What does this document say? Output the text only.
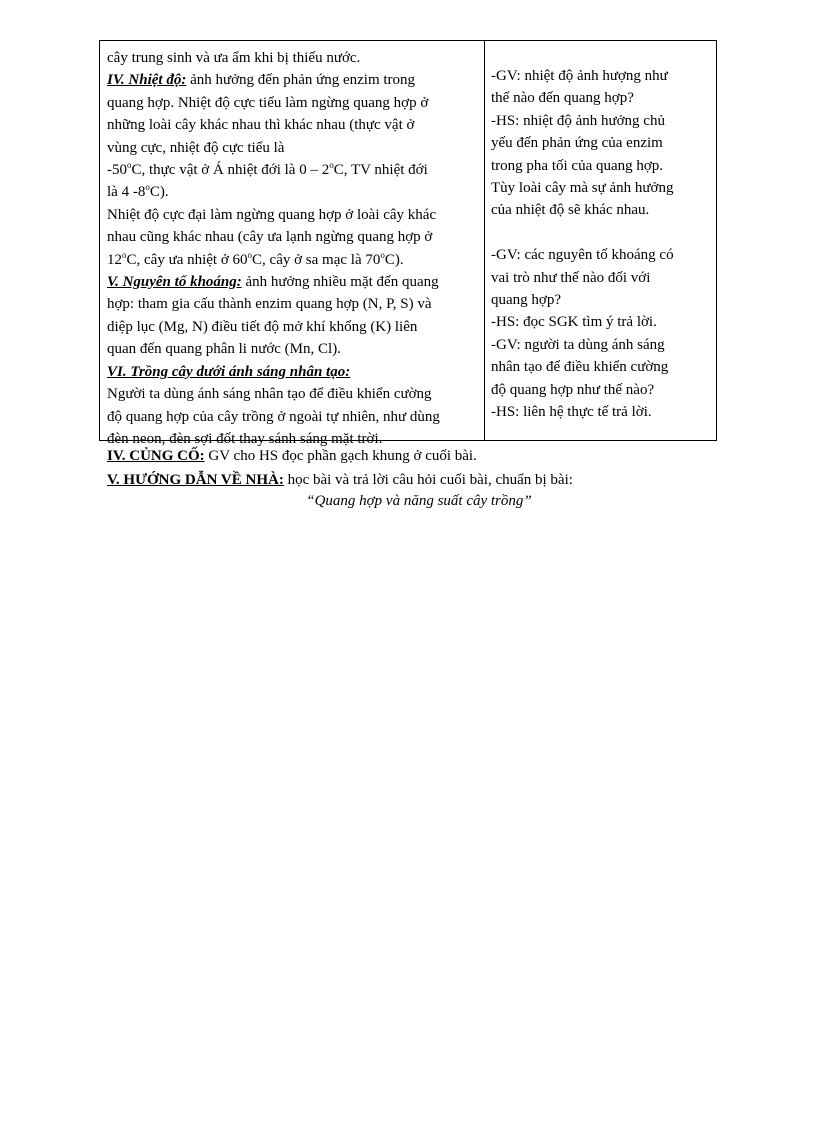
cây trung sinh và ưa ẩm khi bị thiếu nước.
IV. Nhiệt độ: ảnh hưởng đến phản ứng enzim trong
quang hợp. Nhiệt độ cực tiểu làm ngừng quang hợp ở
những loài cây khác nhau thì khác nhau (thực vật ở
vùng cực, nhiệt độ cực tiểu là
-50$^o$C, thực vật ở Á nhiệt đới là 0 – 2$^o$C, TV nhiệt đới
là 4 -8$^o$C).
Nhiệt độ cực đại làm ngừng quang hợp ở loài cây khác
nhau cũng khác nhau (cây ưa lạnh ngừng quang hợp ở
12$^o$C, cây ưa nhiệt ở 60$^o$C, cây ở sa mạc là 70$^o$C).
V. Nguyên tố khoáng: ảnh hưởng nhiều mặt đến quang
hợp: tham gia cấu thành enzim quang hợp (N, P, S) và
diệp lục (Mg, N) điều tiết độ mở khí khổng (K) liên
quan đến quang phân li nước (Mn, Cl).
VI. Trồng cây dưới ánh sáng nhân tạo:
Người ta dùng ánh sáng nhân tạo để điều khiển cường
độ quang hợp của cây trồng ở ngoài tự nhiên, như dùng
đèn neon, đèn sợi đốt thay sánh sáng mặt trời.
-GV: nhiệt độ ảnh hượng như
thế nào đến quang hợp?
-HS: nhiệt độ ảnh hưởng chủ
yếu đến phản ứng của enzim
trong pha tối của quang hợp.
Tùy loài cây mà sự ảnh hưởng
của nhiệt độ sẽ khác nhau.
-GV: các nguyên tố khoáng có
vai trò như thế nào đối với
quang hợp?
-HS: đọc SGK tìm ý trả lời.
-GV: người ta dùng ánh sáng
nhân tạo để điều khiển cường
độ quang hợp như thế nào?
-HS: liên hệ thực tế trả lời.
IV. CỦNG CỐ: GV cho HS đọc phần gạch khung ở cuối bài.
V. HƯỚNG DẪN VỀ NHÀ: học bài và trả lời câu hỏi cuối bài, chuẩn bị bài:
“Quang hợp và năng suất cây trồng”
